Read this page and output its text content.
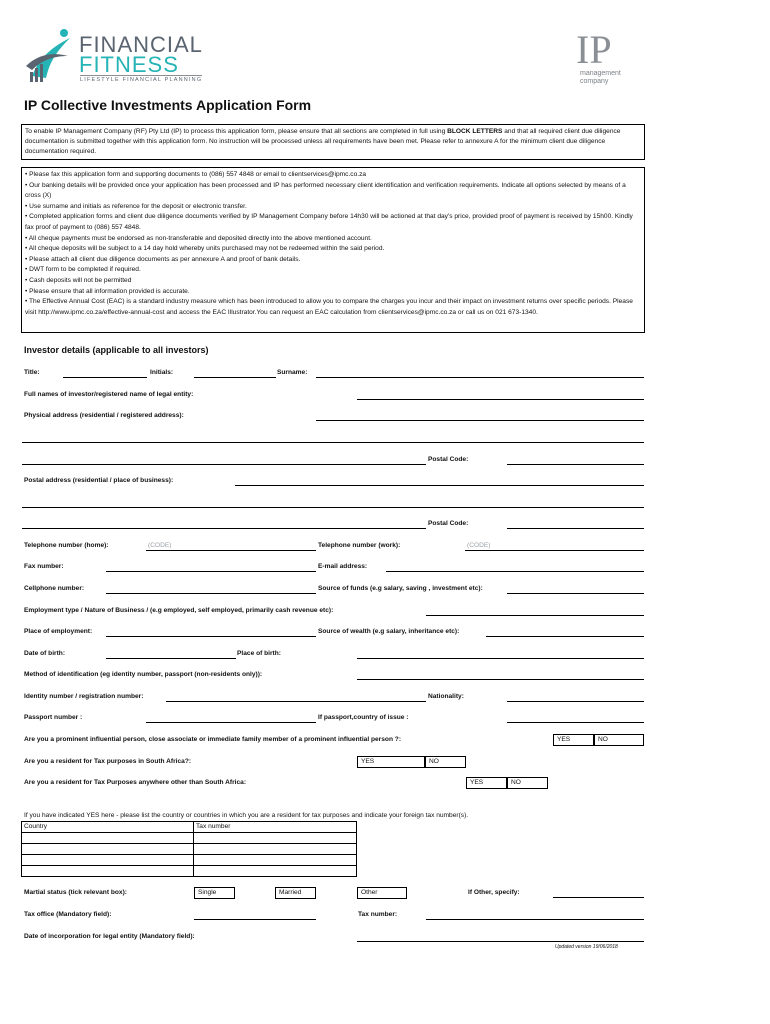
FINANCIAL
FITNESS
LIFESTYLE FINANCIAL PLANNING
IP
management
company
IP Collective Investments Application Form
To enable IP Management Company (RF) Pty Ltd (IP) to process this application form, please ensure that all sections are completed in full using BLOCK LETTERS and that all required client due diligence documentation is submitted together with this application form. No instruction will be processed unless all requirements have been met. Please refer to annexure A for the minimum client due diligence documentation required.
• Please fax this application form and supporting documents to (086) 557 4848 or email to clientservices@ipmc.co.za
• Our banking details will be provided once your application has been processed and IP has performed necessary client identification and verification requirements. Indicate all options selected by means of a cross (X)
• Use surname and initials as reference for the deposit or electronic transfer.
• Completed application forms and client due diligence documents verified by IP Management Company before 14h30 will be actioned at that day's price, provided proof of payment is received by 15h00. Kindly fax proof of payment to (086) 557 4848.
• All cheque payments must be endorsed as non-transferable and deposited directly into the above mentioned account.
• All cheque deposits will be subject to a 14 day hold whereby units purchased may not be redeemed within the said period.
• Please attach all client due diligence documents as per annexure A and proof of bank details.
• DWT form to be completed if required.
• Cash deposits will not be permitted
• Please ensure that all information provided is accurate.
• The Effective Annual Cost (EAC) is a standard industry measure which has been introduced to allow you to compare the charges you incur and their impact on investment returns over specific periods. Please visit http://www.ipmc.co.za/effective-annual-cost and access the EAC Illustrator.You can request an EAC calculation from clientservices@ipmc.co.za or call us on 021 673-1340.
Investor details (applicable to all investors)
Title:	Initials:	Surname:
Full names of investor/registered name of legal entity:
Physical address (residential / registered address):
Postal Code:
Postal address (residential / place of business):
Postal Code:
Telephone number (home):	(CODE)	Telephone number (work):	(CODE)
Fax number:	E-mail address:
Cellphone number:	Source of funds (e.g salary, saving , investment etc):
Employment type / Nature of Business / (e.g employed, self employed, primarily cash revenue etc):
Place of employment:	Source of wealth (e.g salary, inheritance etc):
Date of birth:	Place of birth:
Method of identification (eg identity number, passport (non-residents only)):
Identity number / registration number:	Nationality:
Passport number :	If passport,country of issue :
Are you a prominent influential person, close associate or immediate family member of a prominent influential person ?:	YES	NO
Are you a resident for Tax purposes in South Africa?:	YES	NO
Are you a resident for Tax Purposes anywhere other than South Africa:	YES	NO
If you have indicated YES here - please list the country or countries in which you are a resident for tax purposes and indicate your foreign tax number(s).
Country	Tax number

Martial status (tick relevant box):	Single	Married	Other	If Other, specify:
Tax office (Mandatory field):	Tax number:
Date of incorporation for legal entity (Mandatory field):
Updated version 19/06/2018
